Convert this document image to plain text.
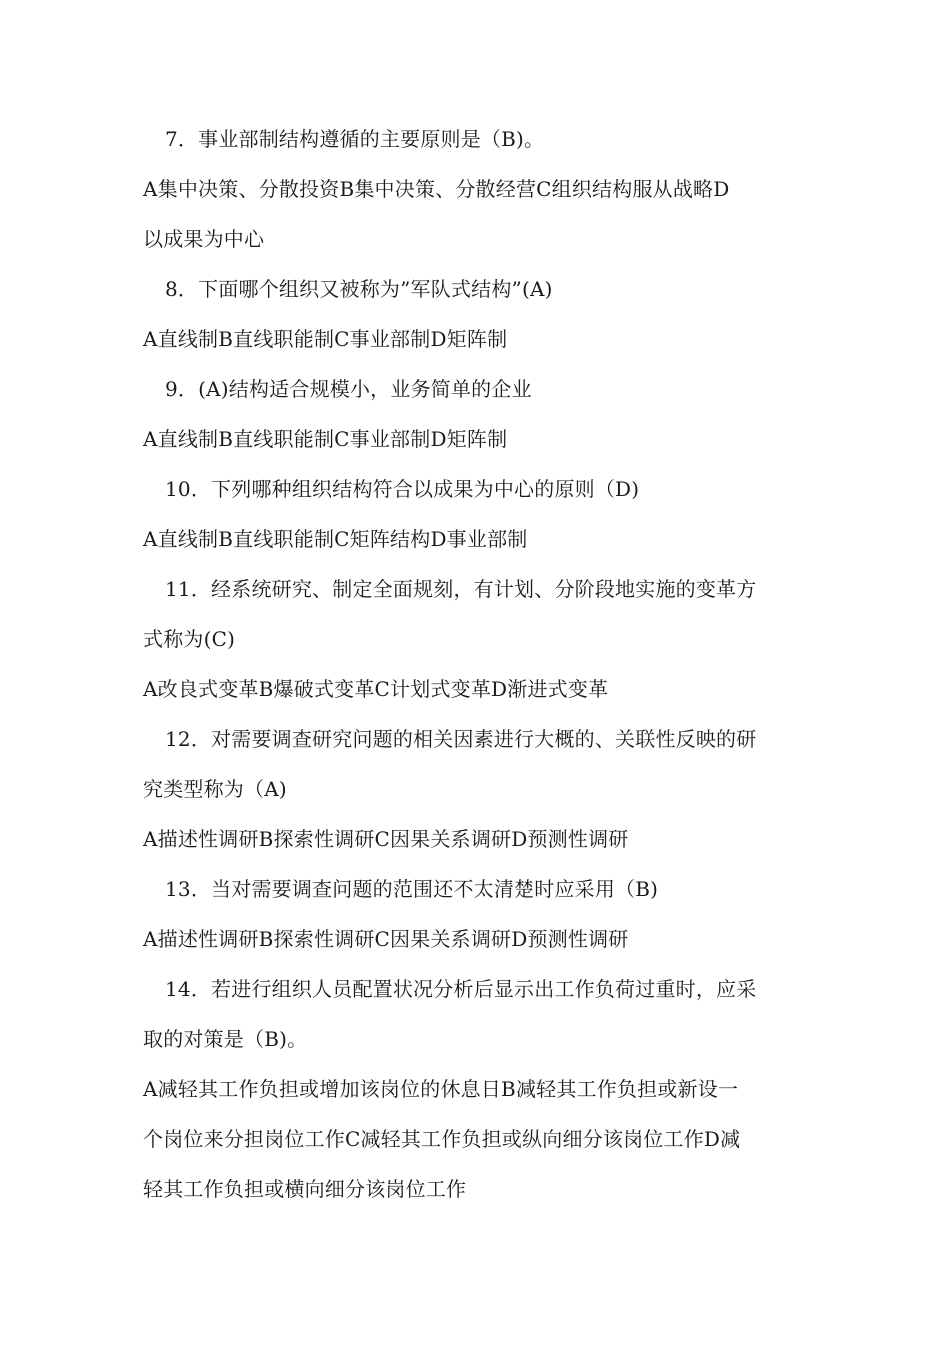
7．事业部制结构遵循的主要原则是（B)。
A集中决策、分散投资B集中决策、分散经营C组织结构服从战略D
以成果为中心
8．下面哪个组织又被称为”军队式结构”(A)
A直线制B直线职能制C事业部制D矩阵制
9．(A)结构适合规模小，业务简单的企业
A直线制B直线职能制C事业部制D矩阵制
10．下列哪种组织结构符合以成果为中心的原则（D)
A直线制B直线职能制C矩阵结构D事业部制
11．经系统研究、制定全面规刻，有计划、分阶段地实施的变革方
式称为(C)
A改良式变革B爆破式变革C计划式变革D渐进式变革
12．对需要调查研究问题的相关因素进行大概的、关联性反映的研
究类型称为（A)
A描述性调研B探索性调研C因果关系调研D预测性调研
13．当对需要调查问题的范围还不太清楚时应采用（B)
A描述性调研B探索性调研C因果关系调研D预测性调研
14．若进行组织人员配置状况分析后显示出工作负荷过重时，应采
取的对策是（B)。
A减轻其工作负担或增加该岗位的休息日B减轻其工作负担或新设一
个岗位来分担岗位工作C减轻其工作负担或纵向细分该岗位工作D减
轻其工作负担或横向细分该岗位工作
